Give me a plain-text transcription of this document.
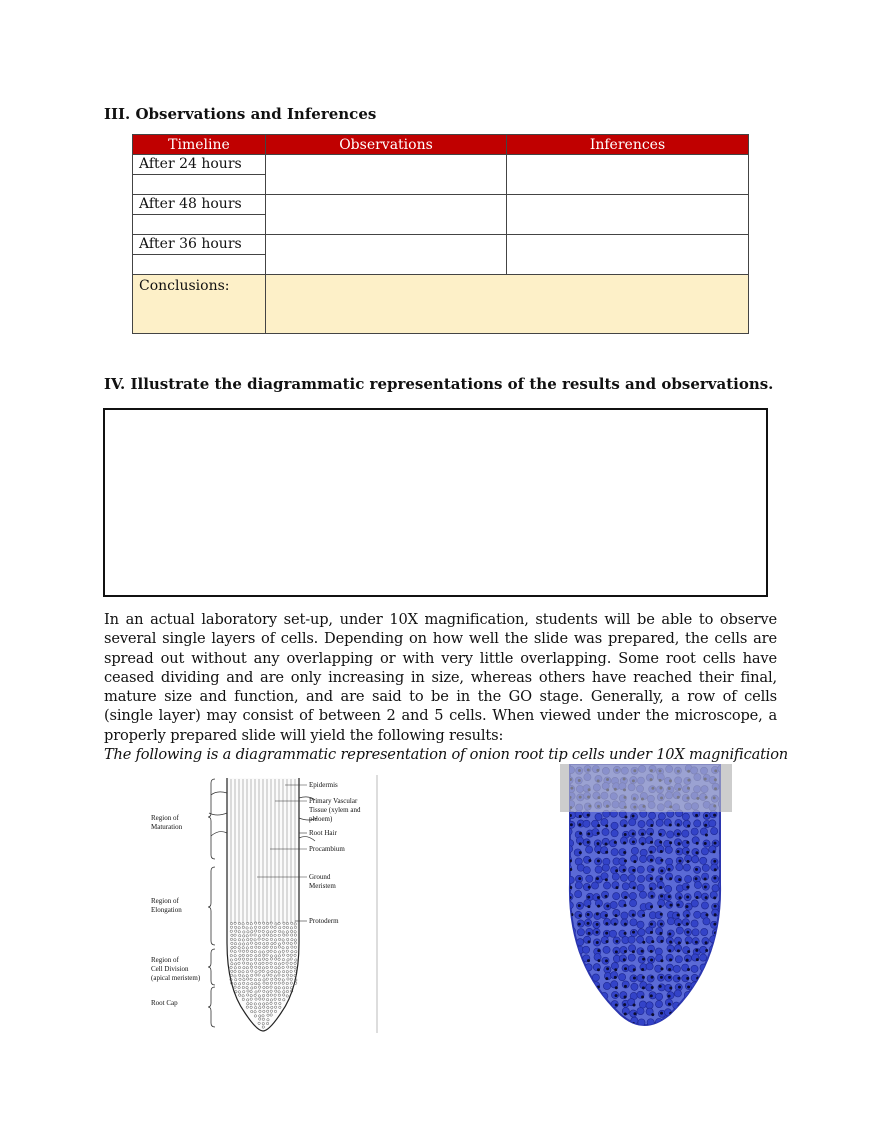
III. Observations and Inferences
Timeline	Observations	Inferences
After 24 hours		

After 48 hours		

After 36 hours		

Conclusions:		
IV. Illustrate the diagrammatic representations of the results and observations.
In an actual laboratory set-up, under 10X magnification, students will be able to observe several single layers of cells. Depending on how well the slide was prepared, the cells are spread out without any overlapping or with very little overlapping. Some root cells have ceased dividing and are only increasing in size, whereas others have reached their final, mature size and function, and are said to be in the GO stage. Generally, a row of cells (single layer) may consist of between 2 and 5 cells. When viewed under the microscope, a properly prepared slide will yield the following results:
The following is a diagrammatic representation of onion root tip cells under 10X magnification
Region of Maturation
Region of Elongation
Region of Cell Division (apical meristem)
Root Cap
Epidermis
Primary Vascular Tissue (xylem and phloem)
Root Hair
Procambium
Ground Meristem
Protoderm
